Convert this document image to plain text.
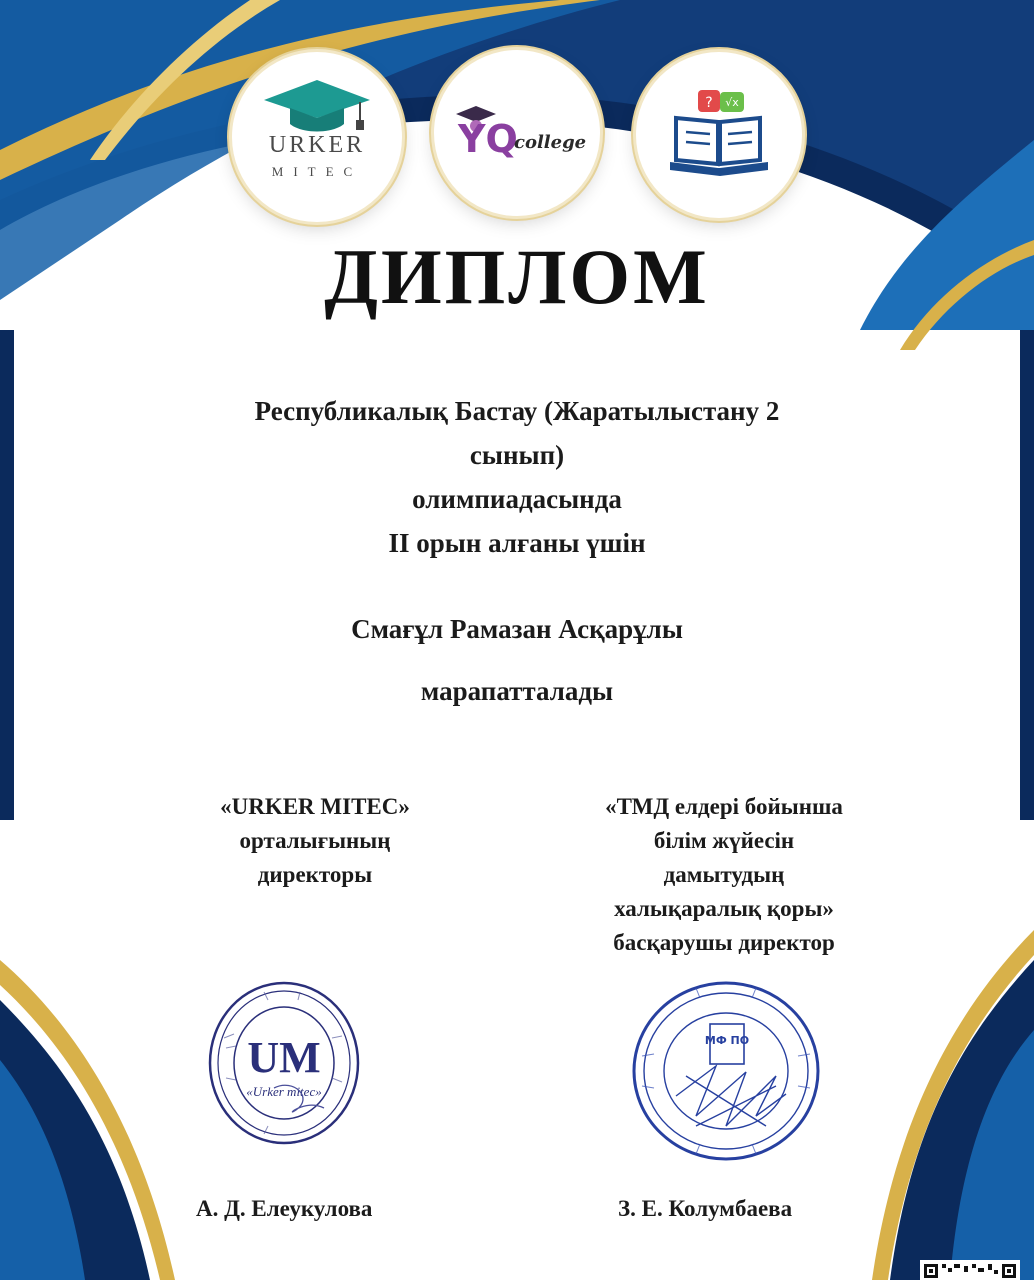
URKER
MITEC
YQ
college
? √x
ДИПЛОМ
Республикалық Бастау (Жаратылыстану 2
сынып)
олимпиадасында
II орын алғаны үшін
Смағұл Рамазан Асқарұлы
марапатталады
«URKER MITEC»
орталығының
директоры
«ТМД елдері бойынша
білім жүйесін
дамытудың
халықаралық қоры»
басқарушы директор
UM
«Urker mitec»
МФ ПО
А. Д. Елеукулова	З. Е. Колумбаева
